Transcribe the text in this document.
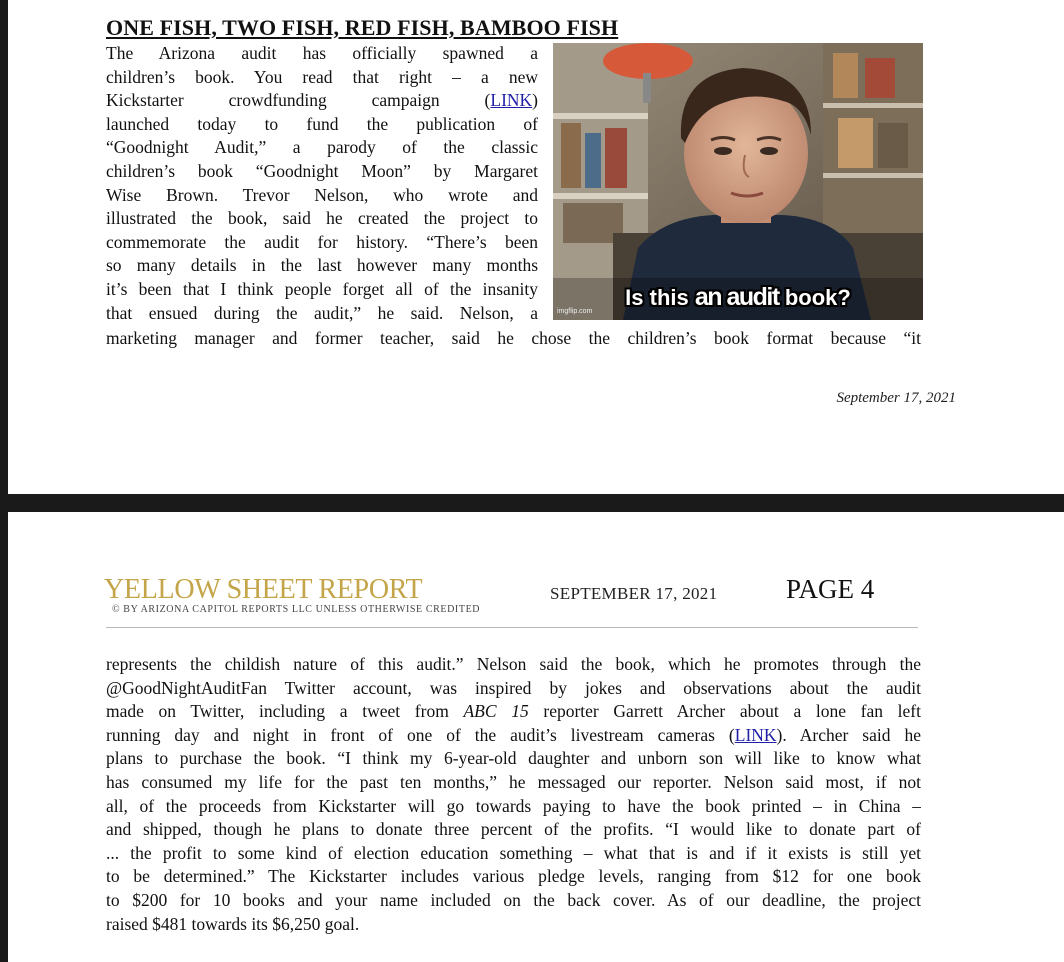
ONE FISH, TWO FISH, RED FISH, BAMBOO FISH
The Arizona audit has officially spawned a
children’s book. You read that right – a new
Kickstarter crowdfunding campaign (LINK)
launched today to fund the publication of
“Goodnight Audit,” a parody of the classic
children’s book “Goodnight Moon” by Margaret
Wise Brown. Trevor Nelson, who wrote and
illustrated the book, said he created the project to
commemorate the audit for history. “There’s been
so many details in the last however many months
it’s been that I think people forget all of the insanity
that ensued during the audit,” he said. Nelson, a
marketing manager and former teacher, said he chose the children’s book format because “it
Is this an audit book?
imgflip.com
September 17, 2021
YELLOW SHEET REPORT
© BY ARIZONA CAPITOL REPORTS LLC UNLESS OTHERWISE CREDITED
SEPTEMBER 17, 2021	PAGE 4
represents the childish nature of this audit.” Nelson said the book, which he promotes through the
@GoodNightAuditFan Twitter account, was inspired by jokes and observations about the audit
made on Twitter, including a tweet from ABC 15 reporter Garrett Archer about a lone fan left
running day and night in front of one of the audit’s livestream cameras (LINK). Archer said he
plans to purchase the book. “I think my 6-year-old daughter and unborn son will like to know what
has consumed my life for the past ten months,” he messaged our reporter. Nelson said most, if not
all, of the proceeds from Kickstarter will go towards paying to have the book printed – in China –
and shipped, though he plans to donate three percent of the profits. “I would like to donate part of
... the profit to some kind of election education something – what that is and if it exists is still yet
to be determined.” The Kickstarter includes various pledge levels, ranging from $12 for one book
to $200 for 10 books and your name included on the back cover. As of our deadline, the project
raised $481 towards its $6,250 goal.
